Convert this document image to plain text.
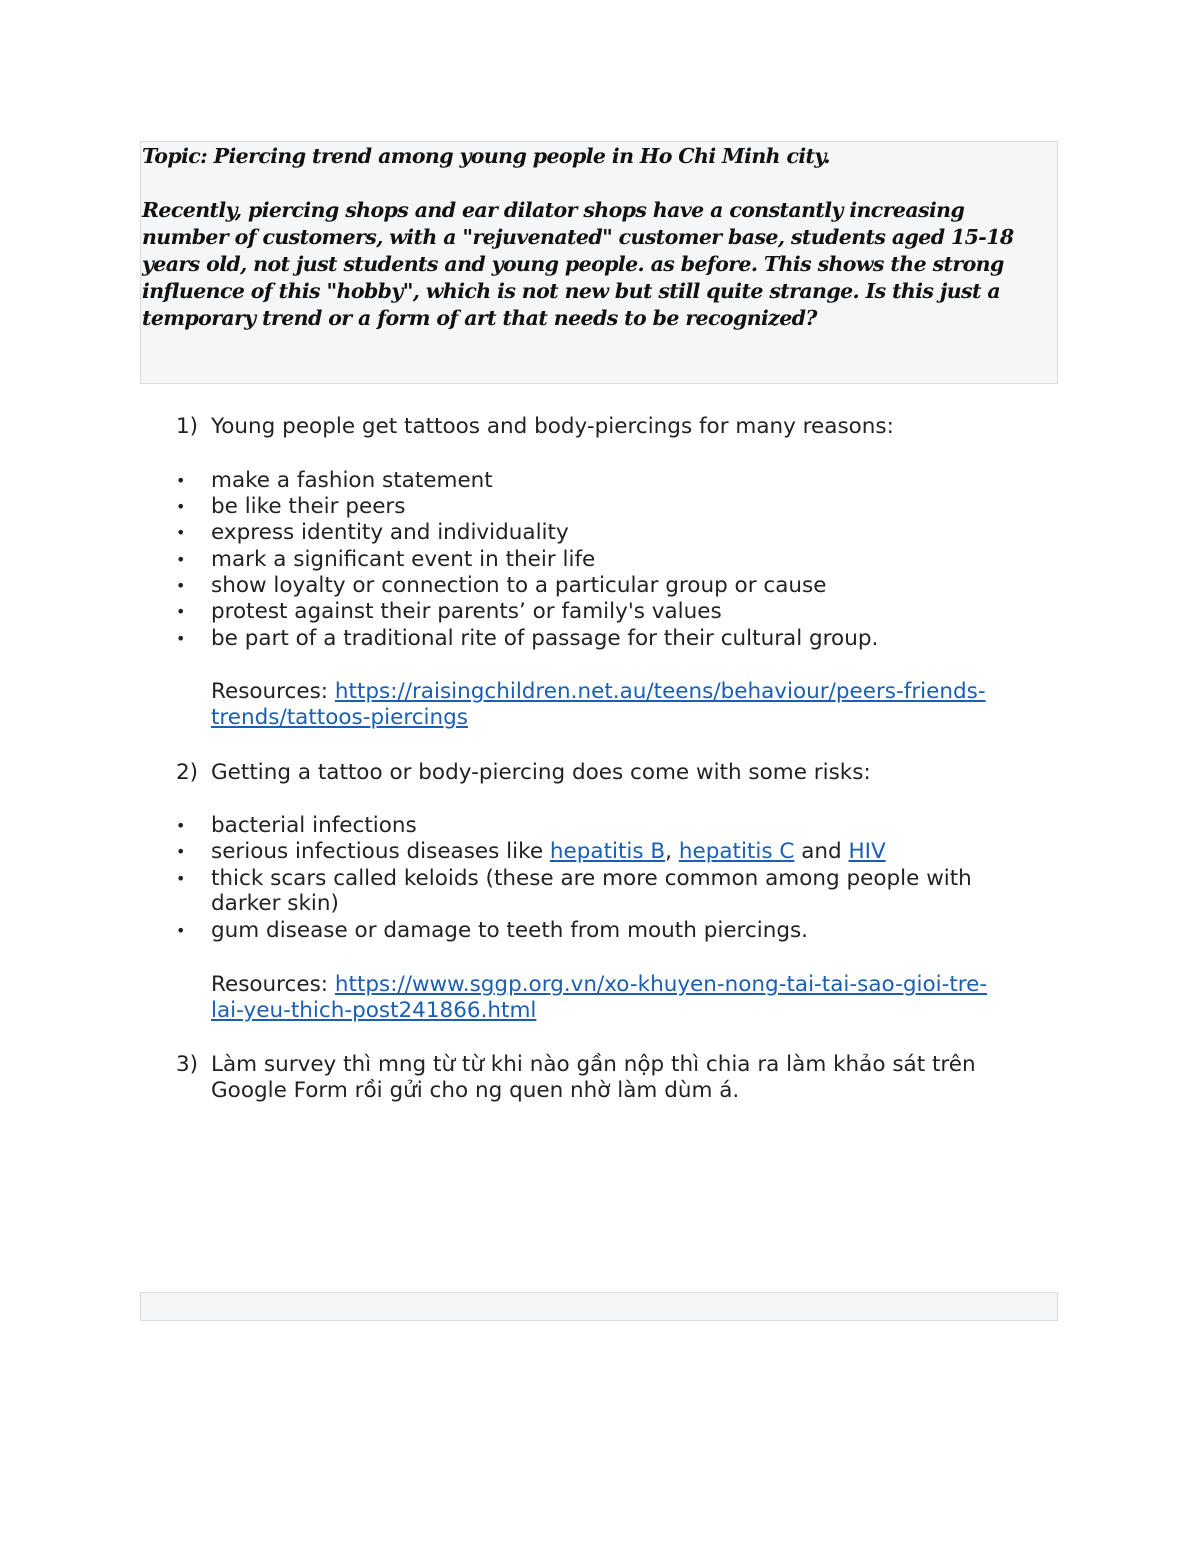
Topic: Piercing trend among young people in Ho Chi Minh city.

Recently, piercing shops and ear dilator shops have a constantly increasing number of customers, with a "rejuvenated" customer base, students aged 15-18 years old, not just students and young people. as before. This shows the strong influence of this "hobby", which is not new but still quite strange. Is this just a temporary trend or a form of art that needs to be recognized?

1) Young people get tattoos and body-piercings for many reasons:
• make a fashion statement
• be like their peers
• express identity and individuality
• mark a significant event in their life
• show loyalty or connection to a particular group or cause
• protest against their parents’ or family's values
• be part of a traditional rite of passage for their cultural group.
Resources: https://raisingchildren.net.au/teens/behaviour/peers-friends-
trends/tattoos-piercings
2) Getting a tattoo or body-piercing does come with some risks:
• bacterial infections
• serious infectious diseases like hepatitis B, hepatitis C and HIV
• thick scars called keloids (these are more common among people with
darker skin)
• gum disease or damage to teeth from mouth piercings.
Resources: https://www.sggp.org.vn/xo-khuyen-nong-tai-tai-sao-gioi-tre-
lai-yeu-thich-post241866.html
3) Làm survey thì mng từ từ khi nào gần nộp thì chia ra làm khảo sát trên
Google Form rồi gửi cho ng quen nhờ làm dùm á.
